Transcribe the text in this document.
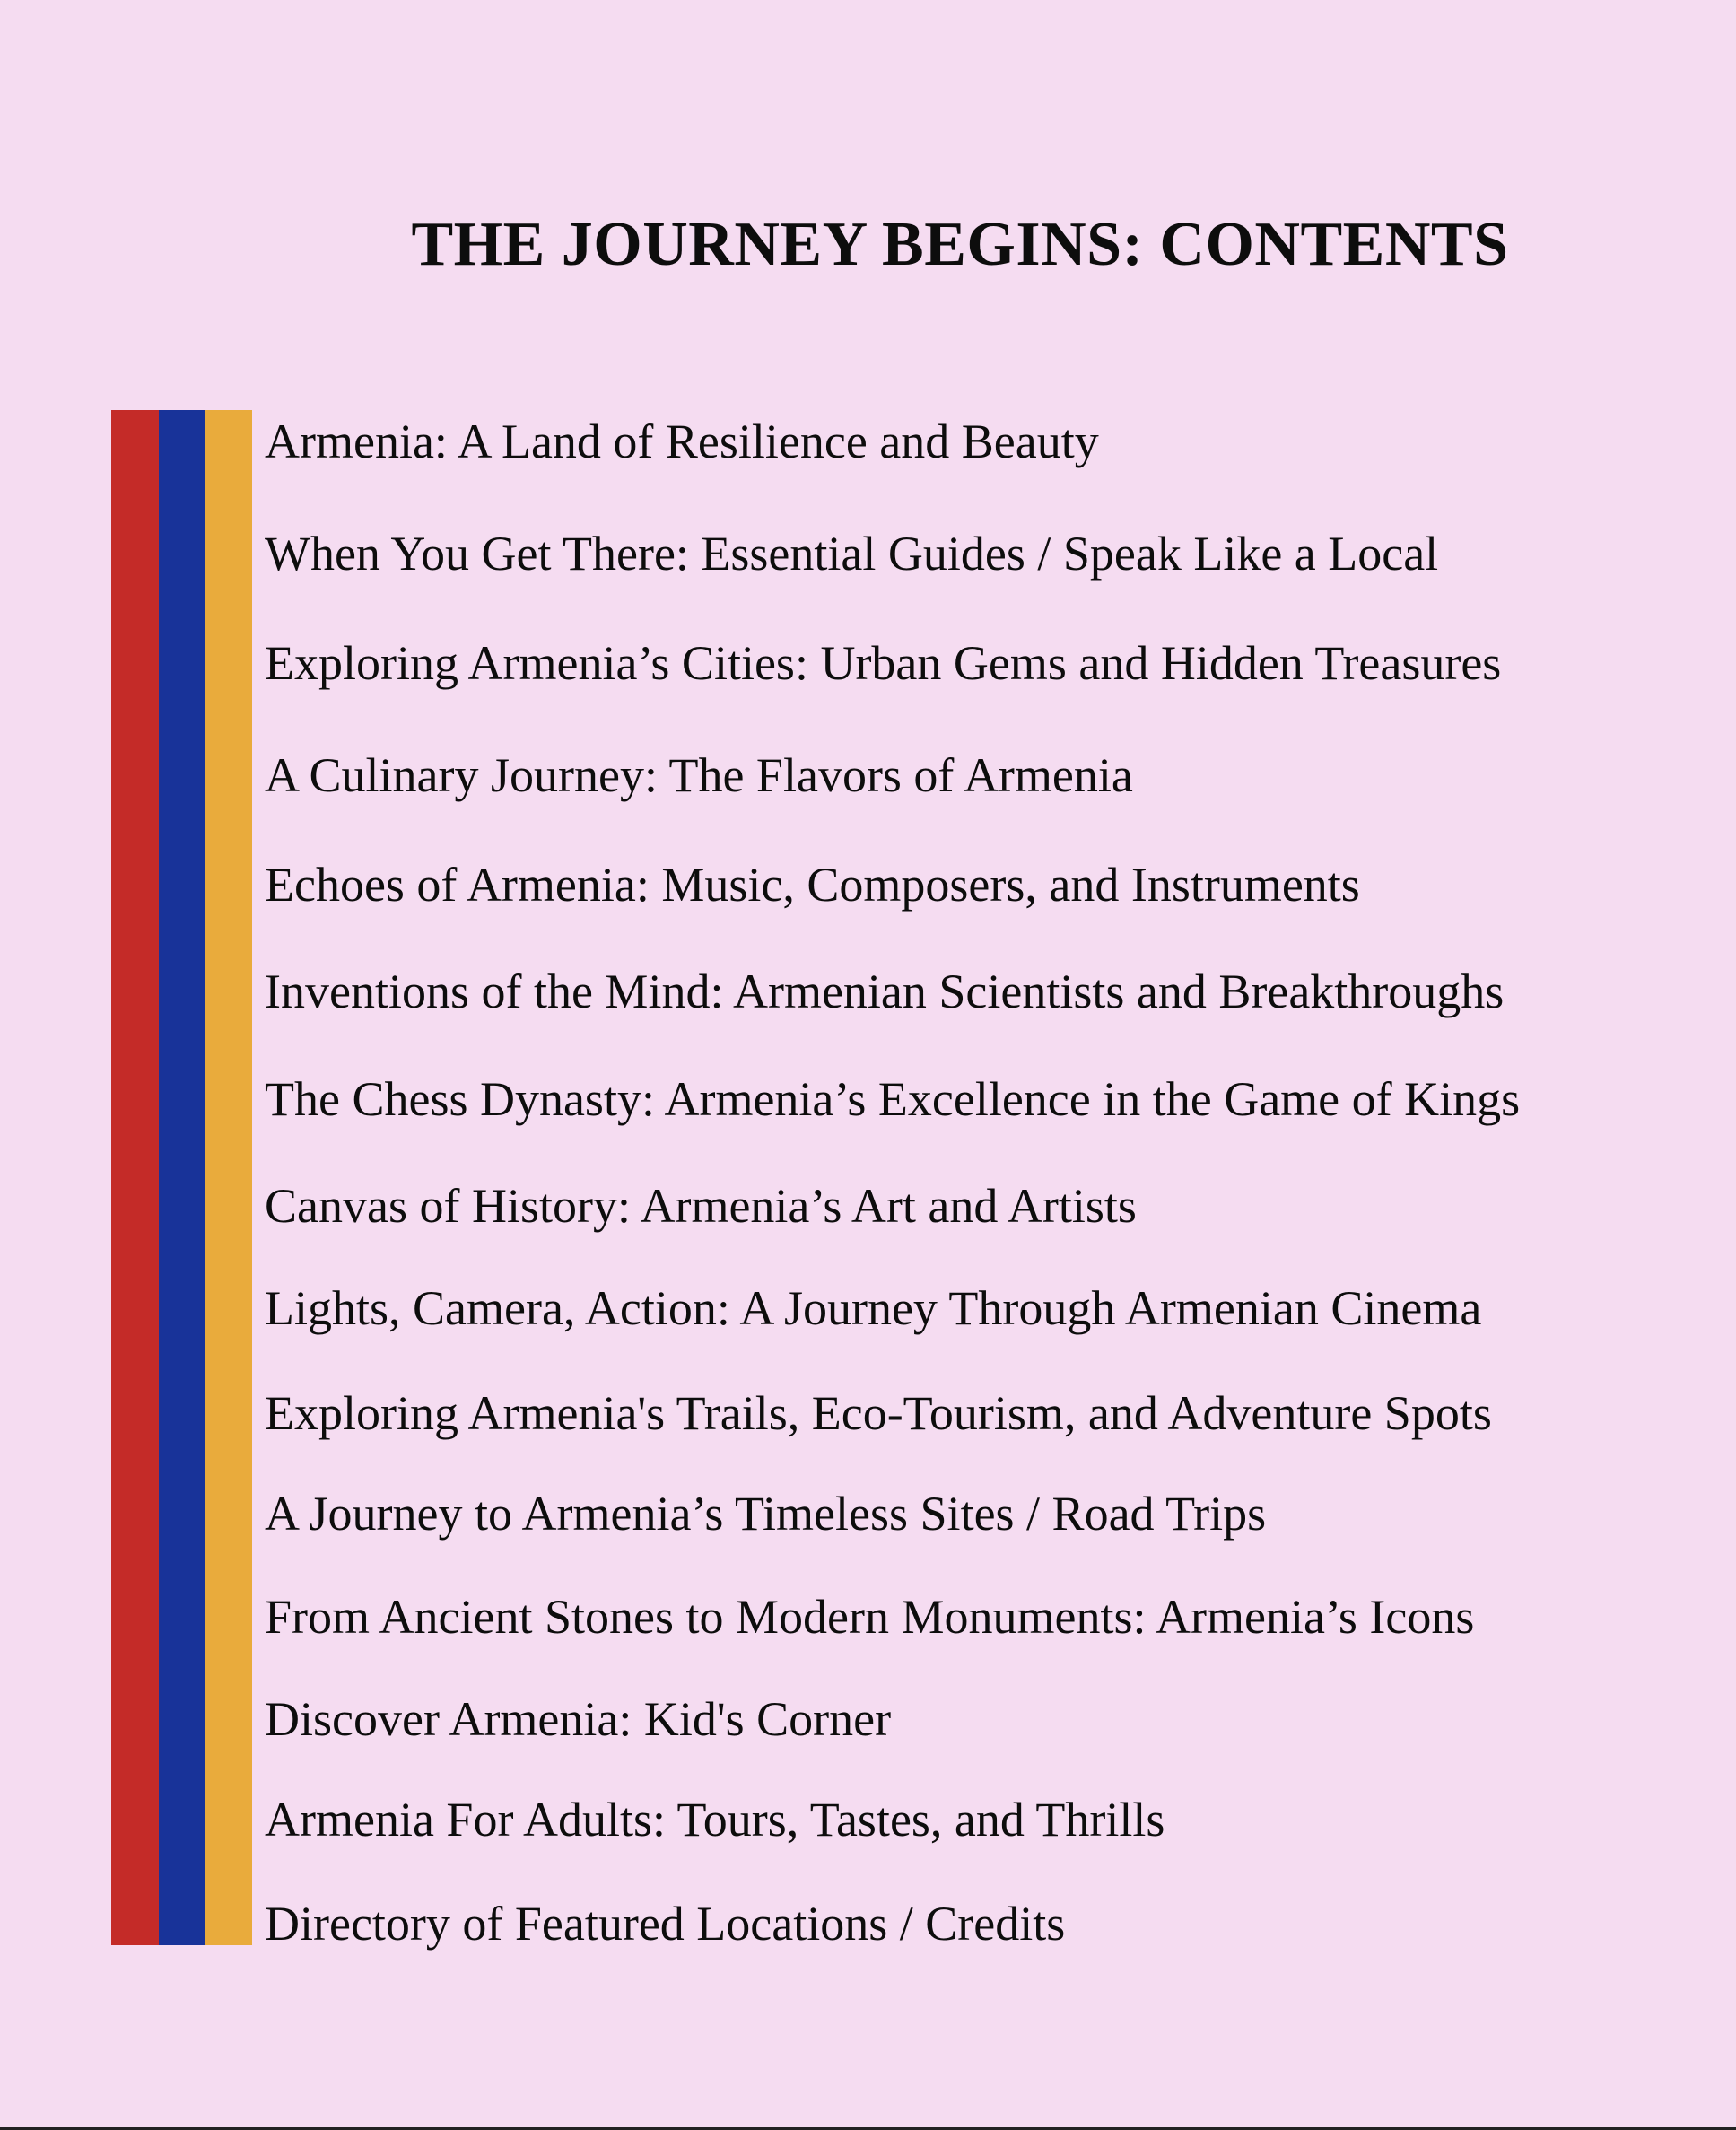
THE JOURNEY BEGINS: CONTENTS
Armenia: A Land of Resilience and Beauty
When You Get There: Essential Guides / Speak Like a Local
Exploring Armenia’s Cities: Urban Gems and Hidden Treasures
A Culinary Journey: The Flavors of Armenia
Echoes of Armenia: Music, Composers, and Instruments
Inventions of the Mind: Armenian Scientists and Breakthroughs
The Chess Dynasty: Armenia’s Excellence in the Game of Kings
Canvas of History: Armenia’s Art and Artists
Lights, Camera, Action: A Journey Through Armenian Cinema
Exploring Armenia's Trails, Eco-Tourism, and Adventure Spots
A Journey to Armenia’s Timeless Sites / Road Trips
From Ancient Stones to Modern Monuments: Armenia’s Icons
Discover Armenia: Kid's Corner
Armenia For Adults: Tours, Tastes, and Thrills
Directory of Featured Locations / Credits
